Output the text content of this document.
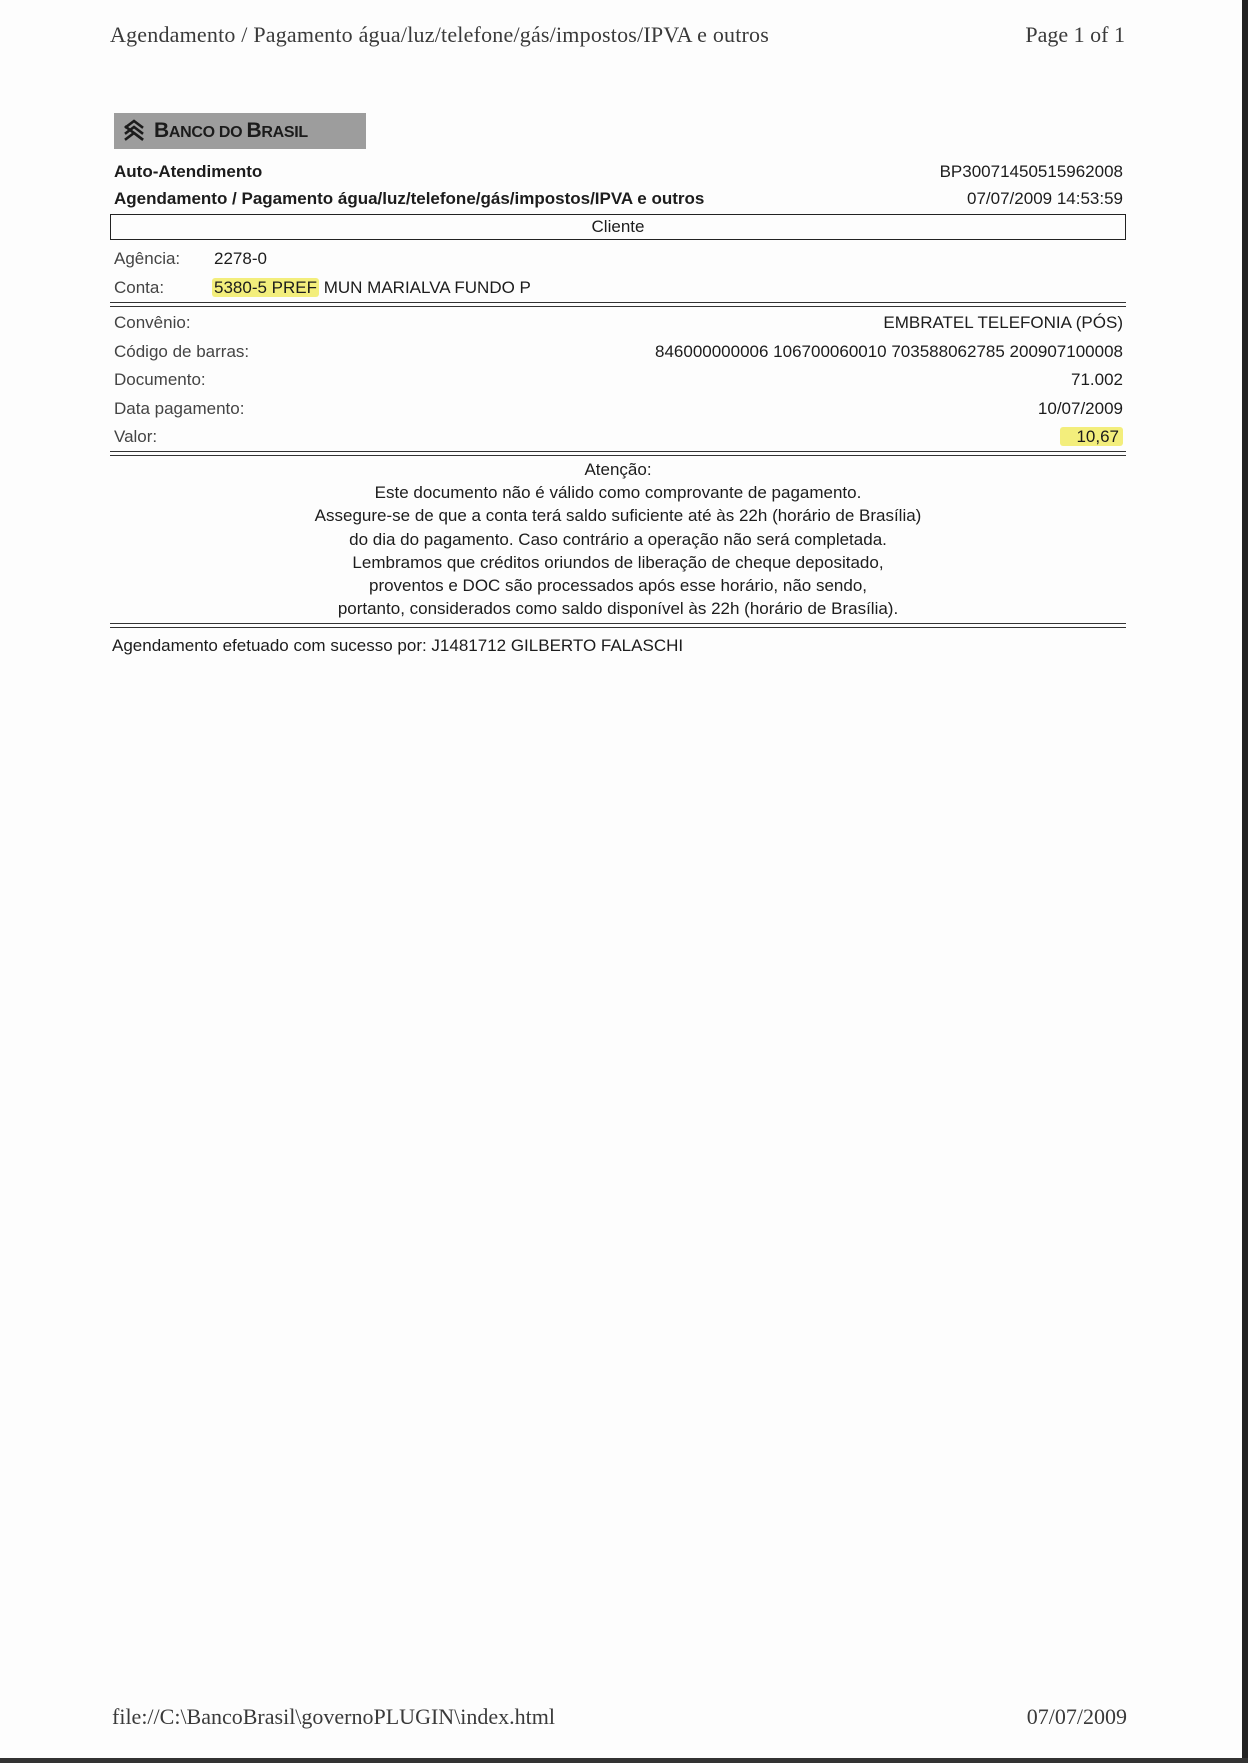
Agendamento / Pagamento água/luz/telefone/gás/impostos/IPVA e outros	Page 1 of 1
BANCO DO BRASIL
Auto-Atendimento	BP30071450515962008
Agendamento / Pagamento água/luz/telefone/gás/impostos/IPVA e outros	07/07/2009 14:53:59
Cliente
Agência: 2278-0
Conta:	5380-5 PREF MUN MARIALVA FUNDO P
Convênio:	EMBRATEL TELEFONIA (PÓS)
Código de barras:	846000000006 106700060010 703588062785 200907100008
Documento:	71.002
Data pagamento:	10/07/2009
Valor:	10,67
Atenção:
Este documento não é válido como comprovante de pagamento.
Assegure-se de que a conta terá saldo suficiente até às 22h (horário de Brasília)
do dia do pagamento. Caso contrário a operação não será completada.
Lembramos que créditos oriundos de liberação de cheque depositado,
proventos e DOC são processados após esse horário, não sendo,
portanto, considerados como saldo disponível às 22h (horário de Brasília).
Agendamento efetuado com sucesso por: J1481712 GILBERTO FALASCHI
file://C:\BancoBrasil\governoPLUGIN\index.html	07/07/2009
